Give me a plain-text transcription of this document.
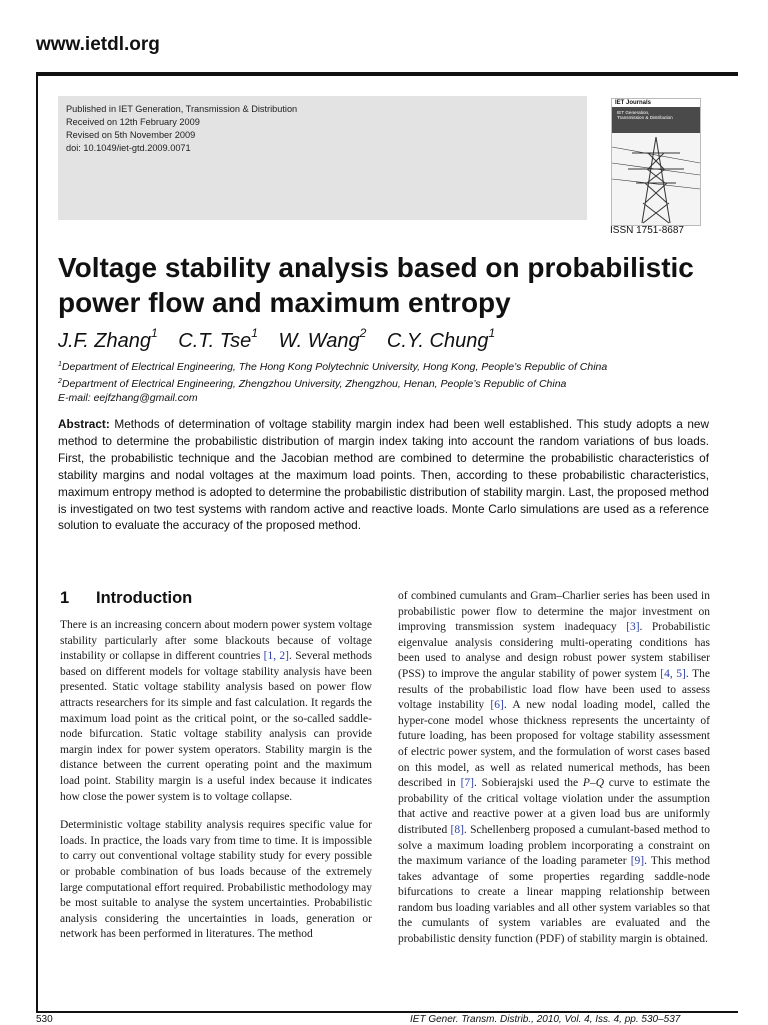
www.ietdl.org
Published in IET Generation, Transmission & Distribution
Received on 12th February 2009
Revised on 5th November 2009
doi: 10.1049/iet-gtd.2009.0071
IET Journals
IET Generation, Transmission & Distribution
ISSN 1751-8687
Voltage stability analysis based on probabilistic power flow and maximum entropy
J.F. Zhang$^1$ C.T. Tse$^1$ W. Wang$^2$ C.Y. Chung$^1$
$^1$Department of Electrical Engineering, The Hong Kong Polytechnic University, Hong Kong, People’s Republic of China
$^2$Department of Electrical Engineering, Zhengzhou University, Zhengzhou, Henan, People’s Republic of China
E-mail: eejfzhang@gmail.com

Abstract: Methods of determination of voltage stability margin index had been well established. This study adopts a new method to determine the probabilistic distribution of margin index taking into account the random variations of bus loads. First, the probabilistic technique and the Jacobian method are combined to determine the probabilistic characteristics of stability margins and nodal voltages at the maximum load points. Then, according to these probabilistic characteristics, maximum entropy method is adopted to determine the probabilistic distribution of stability margin. Last, the proposed method is investigated on two test systems with random active and reactive loads. Monte Carlo simulations are used as a reference solution to evaluate the accuracy of the proposed method.

1 Introduction

There is an increasing concern about modern power system voltage stability particularly after some blackouts because of voltage instability or collapse in different countries [1, 2]. Several methods based on different models for voltage stability analysis have been presented. Static voltage stability analysis based on power flow attracts researchers for its simple and fast calculation. It regards the maximum load point as the critical point, or the so-called saddle-node bifurcation. Static voltage stability analysis can provide margin index for power system operators. Stability margin is the distance between the current operating point and the maximum load point. Stability margin is a useful index because it indicates how close the power system is to voltage collapse.

Deterministic voltage stability analysis requires specific value for loads. In practice, the loads vary from time to time. It is impossible to carry out conventional voltage stability study for every possible or probable combination of bus loads because of the extremely large computational effort required. Probabilistic methodology may be most suitable to analyse the system uncertainties. Probabilistic analysis considering the uncertainties in loads, generation or network has been performed in literatures. The method

of combined cumulants and Gram–Charlier series has been used in probabilistic power flow to determine the major investment on improving transmission system inadequacy [3]. Probabilistic eigenvalue analysis considering multi-operating conditions has been used to analyse and design robust power system stabiliser (PSS) to improve the angular stability of power system [4, 5]. The results of the probabilistic load flow have been used to assess voltage instability [6]. A new nodal loading model, called the hyper-cone model whose thickness represents the uncertainty of future loading, has been proposed for voltage stability assessment of electric power system, and the formulation of worst cases based on this model, as well as related numerical methods, has been described in [7]. Sobierajski used the P–Q curve to estimate the probability of the critical voltage violation under the assumption that active and reactive power at a given load bus are uniformly distributed [8]. Schellenberg proposed a cumulant-based method to solve a maximum loading problem incorporating a constraint on the maximum variance of the loading parameter [9]. This method takes advantage of some properties regarding saddle-node bifurcations to create a linear mapping relationship between random bus loading variables and all other system variables so that the cumulants of system variables are evaluated and the probabilistic density function (PDF) of stability margin is obtained.

530	IET Gener. Transm. Distrib., 2010, Vol. 4, Iss. 4, pp. 530–537
